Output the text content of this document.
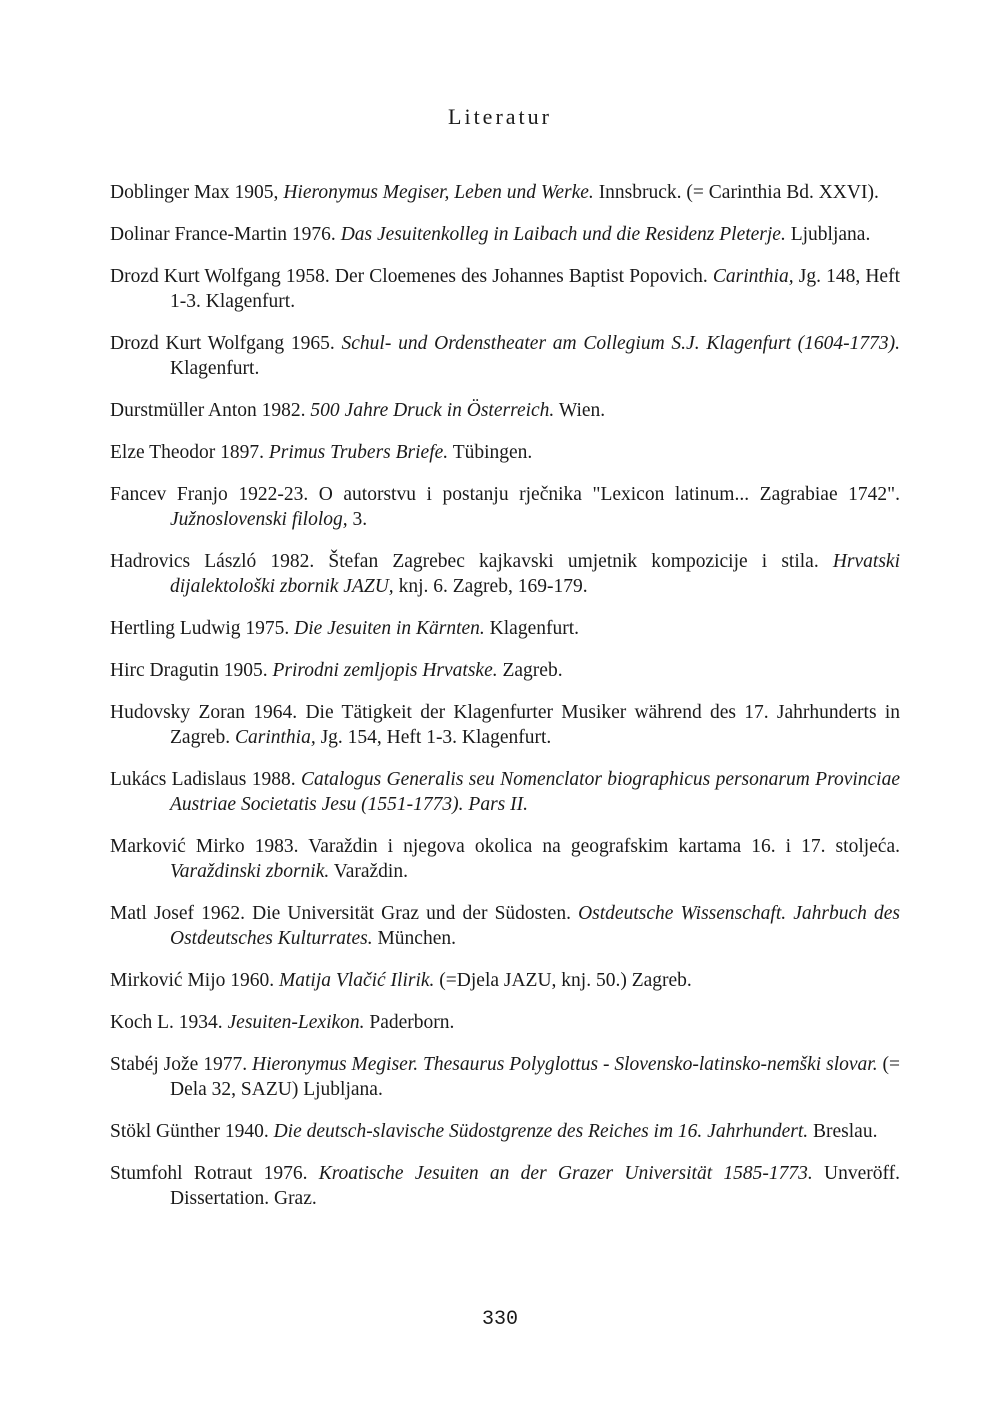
Literatur
Doblinger Max 1905, Hieronymus Megiser, Leben und Werke. Innsbruck. (= Carinthia Bd. XXVI).
Dolinar France-Martin 1976. Das Jesuitenkolleg in Laibach und die Residenz Pleterje. Ljubljana.
Drozd Kurt Wolfgang 1958. Der Cloemenes des Johannes Baptist Popovich. Carinthia, Jg. 148, Heft 1-3. Klagenfurt.
Drozd Kurt Wolfgang 1965. Schul- und Ordenstheater am Collegium S.J. Klagenfurt (1604-1773). Klagenfurt.
Durstmüller Anton 1982. 500 Jahre Druck in Österreich. Wien.
Elze Theodor 1897. Primus Trubers Briefe. Tübingen.
Fancev Franjo 1922-23. O autorstvu i postanju rječnika "Lexicon latinum... Zagrabiae 1742". Južnoslovenski filolog, 3.
Hadrovics László 1982. Štefan Zagrebec kajkavski umjetnik kompozicije i stila. Hrvatski dijalektološki zbornik JAZU, knj. 6. Zagreb, 169-179.
Hertling Ludwig 1975. Die Jesuiten in Kärnten. Klagenfurt.
Hirc Dragutin 1905. Prirodni zemljopis Hrvatske. Zagreb.
Hudovsky Zoran 1964. Die Tätigkeit der Klagenfurter Musiker während des 17. Jahrhunderts in Zagreb. Carinthia, Jg. 154, Heft 1-3. Klagenfurt.
Lukács Ladislaus 1988. Catalogus Generalis seu Nomenclator biographicus personarum Provinciae Austriae Societatis Jesu (1551-1773). Pars II.
Marković Mirko 1983. Varaždin i njegova okolica na geografskim kartama 16. i 17. stoljeća. Varaždinski zbornik. Varaždin.
Matl Josef 1962. Die Universität Graz und der Südosten. Ostdeutsche Wissenschaft. Jahrbuch des Ostdeutsches Kulturrates. München.
Mirković Mijo 1960. Matija Vlačić Ilirik. (=Djela JAZU, knj. 50.) Zagreb.
Koch L. 1934. Jesuiten-Lexikon. Paderborn.
Stabéj Jože 1977. Hieronymus Megiser. Thesaurus Polyglottus - Slovensko-latinsko-nemški slovar. (= Dela 32, SAZU) Ljubljana.
Stökl Günther 1940. Die deutsch-slavische Südostgrenze des Reiches im 16. Jahrhundert. Breslau.
Stumfohl Rotraut 1976. Kroatische Jesuiten an der Grazer Universität 1585-1773. Unveröff. Dissertation. Graz.
330
